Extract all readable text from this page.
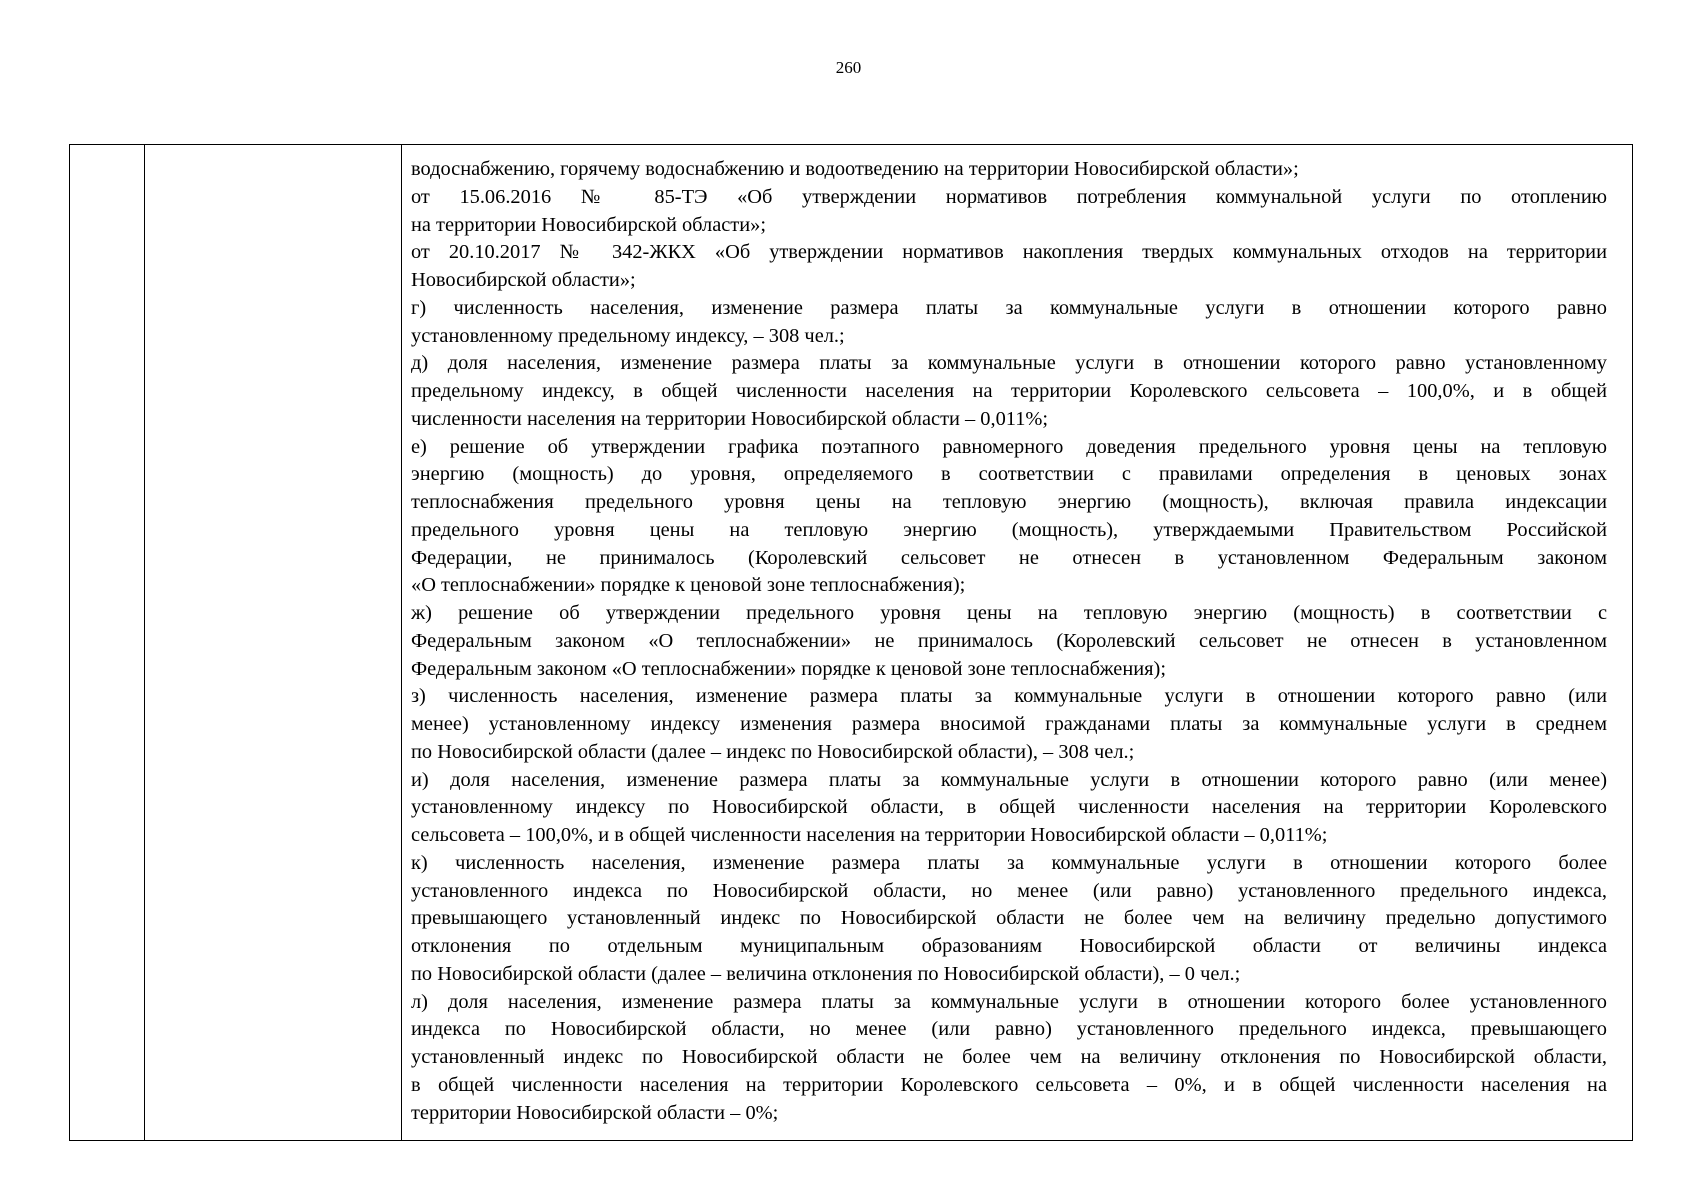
260
водоснабжению, горячему водоснабжению и водоотведению на территории Новосибирской области»;
от 15.06.2016 № 85-ТЭ «Об утверждении нормативов потребления коммунальной услуги по отоплению
на территории Новосибирской области»;
от 20.10.2017 № 342-ЖКХ «Об утверждении нормативов накопления твердых коммунальных отходов на территории
Новосибирской области»;
г) численность населения, изменение размера платы за коммунальные услуги в отношении которого равно
установленному предельному индексу, – 308 чел.;
д) доля населения, изменение размера платы за коммунальные услуги в отношении которого равно установленному
предельному индексу, в общей численности населения на территории Королевского сельсовета – 100,0%, и в общей
численности населения на территории Новосибирской области – 0,011%;
е) решение об утверждении графика поэтапного равномерного доведения предельного уровня цены на тепловую
энергию (мощность) до уровня, определяемого в соответствии с правилами определения в ценовых зонах
теплоснабжения предельного уровня цены на тепловую энергию (мощность), включая правила индексации
предельного уровня цены на тепловую энергию (мощность), утверждаемыми Правительством Российской
Федерации, не принималось (Королевский сельсовет не отнесен в установленном Федеральным законом
«О теплоснабжении» порядке к ценовой зоне теплоснабжения);
ж) решение об утверждении предельного уровня цены на тепловую энергию (мощность) в соответствии с
Федеральным законом «О теплоснабжении» не принималось (Королевский сельсовет не отнесен в установленном
Федеральным законом «О теплоснабжении» порядке к ценовой зоне теплоснабжения);
з) численность населения, изменение размера платы за коммунальные услуги в отношении которого равно (или
менее) установленному индексу изменения размера вносимой гражданами платы за коммунальные услуги в среднем
по Новосибирской области (далее – индекс по Новосибирской области), – 308 чел.;
и) доля населения, изменение размера платы за коммунальные услуги в отношении которого равно (или менее)
установленному индексу по Новосибирской области, в общей численности населения на территории Королевского
сельсовета – 100,0%, и в общей численности населения на территории Новосибирской области – 0,011%;
к) численность населения, изменение размера платы за коммунальные услуги в отношении которого более
установленного индекса по Новосибирской области, но менее (или равно) установленного предельного индекса,
превышающего установленный индекс по Новосибирской области не более чем на величину предельно допустимого
отклонения по отдельным муниципальным образованиям Новосибирской области от величины индекса
по Новосибирской области (далее – величина отклонения по Новосибирской области), – 0 чел.;
л) доля населения, изменение размера платы за коммунальные услуги в отношении которого более установленного
индекса по Новосибирской области, но менее (или равно) установленного предельного индекса, превышающего
установленный индекс по Новосибирской области не более чем на величину отклонения по Новосибирской области,
в общей численности населения на территории Королевского сельсовета – 0%, и в общей численности населения на
территории Новосибирской области – 0%;
